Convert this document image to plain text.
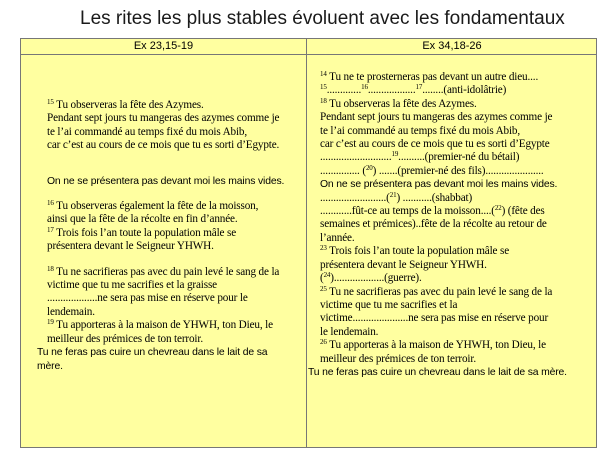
Les rites les plus stables évoluent avec les fondamentaux
Ex 23,15-19	Ex 34,18-26

$^{15}$ Tu observeras la fête des Azymes.

Pendant sept jours tu mangeras des azymes comme je

te l’ai commandé au temps fixé du mois Abib,

car c’est au cours de ce mois que tu es sorti d’Egypte.

On ne se présentera pas devant moi les mains vides.

$^{16}$ Tu observeras également la fête de la moisson,

ainsi que la fête de la récolte en fin d’année.

$^{17}$ Trois fois l’an toute la population mâle se

présentera devant le Seigneur YHWH.

$^{18}$ Tu ne sacrifieras pas avec du pain levé le sang de la

victime que tu me sacrifies et la graisse

...................ne sera pas mise en réserve pour le

lendemain.

$^{19}$ Tu apporteras à la maison de YHWH, ton Dieu, le

meilleur des prémices de ton terroir.

Tu ne feras pas cuire un chevreau dans le lait de sa

mère.

$^{14}$ Tu ne te prosterneras pas devant un autre dieu....

$^{15}$.............$^{16}$..................$^{17}$........(anti-idolâtrie)

$^{18}$ Tu observeras la fête des Azymes.

Pendant sept jours tu mangeras des azymes comme je

te l’ai commandé au temps fixé du mois Abib,

car c’est au cours de ce mois que tu es sorti d’Egypte

...........................$^{19}$..........(premier-né du bétail)

............... ($^{20}$) .......(premier-né des fils)......................

On ne se présentera pas devant moi les mains vides.

.........................($^{21}$) ...........(shabbat)

............fût-ce au temps de la moisson....($^{22}$) (fête des

semaines et prémices)..fête de la récolte au retour de

l’année.

$^{23}$ Trois fois l’an toute la population mâle se

présentera devant le Seigneur YHWH.

($^{24}$)...................(guerre).

$^{25}$ Tu ne sacrifieras pas avec du pain levé le sang de la

victime que tu me sacrifies et la

victime.....................ne sera pas mise en réserve pour

le lendemain.

$^{26}$ Tu apporteras à la maison de YHWH, ton Dieu, le

meilleur des prémices de ton terroir.

Tu ne feras pas cuire un chevreau dans le lait de sa mère.
